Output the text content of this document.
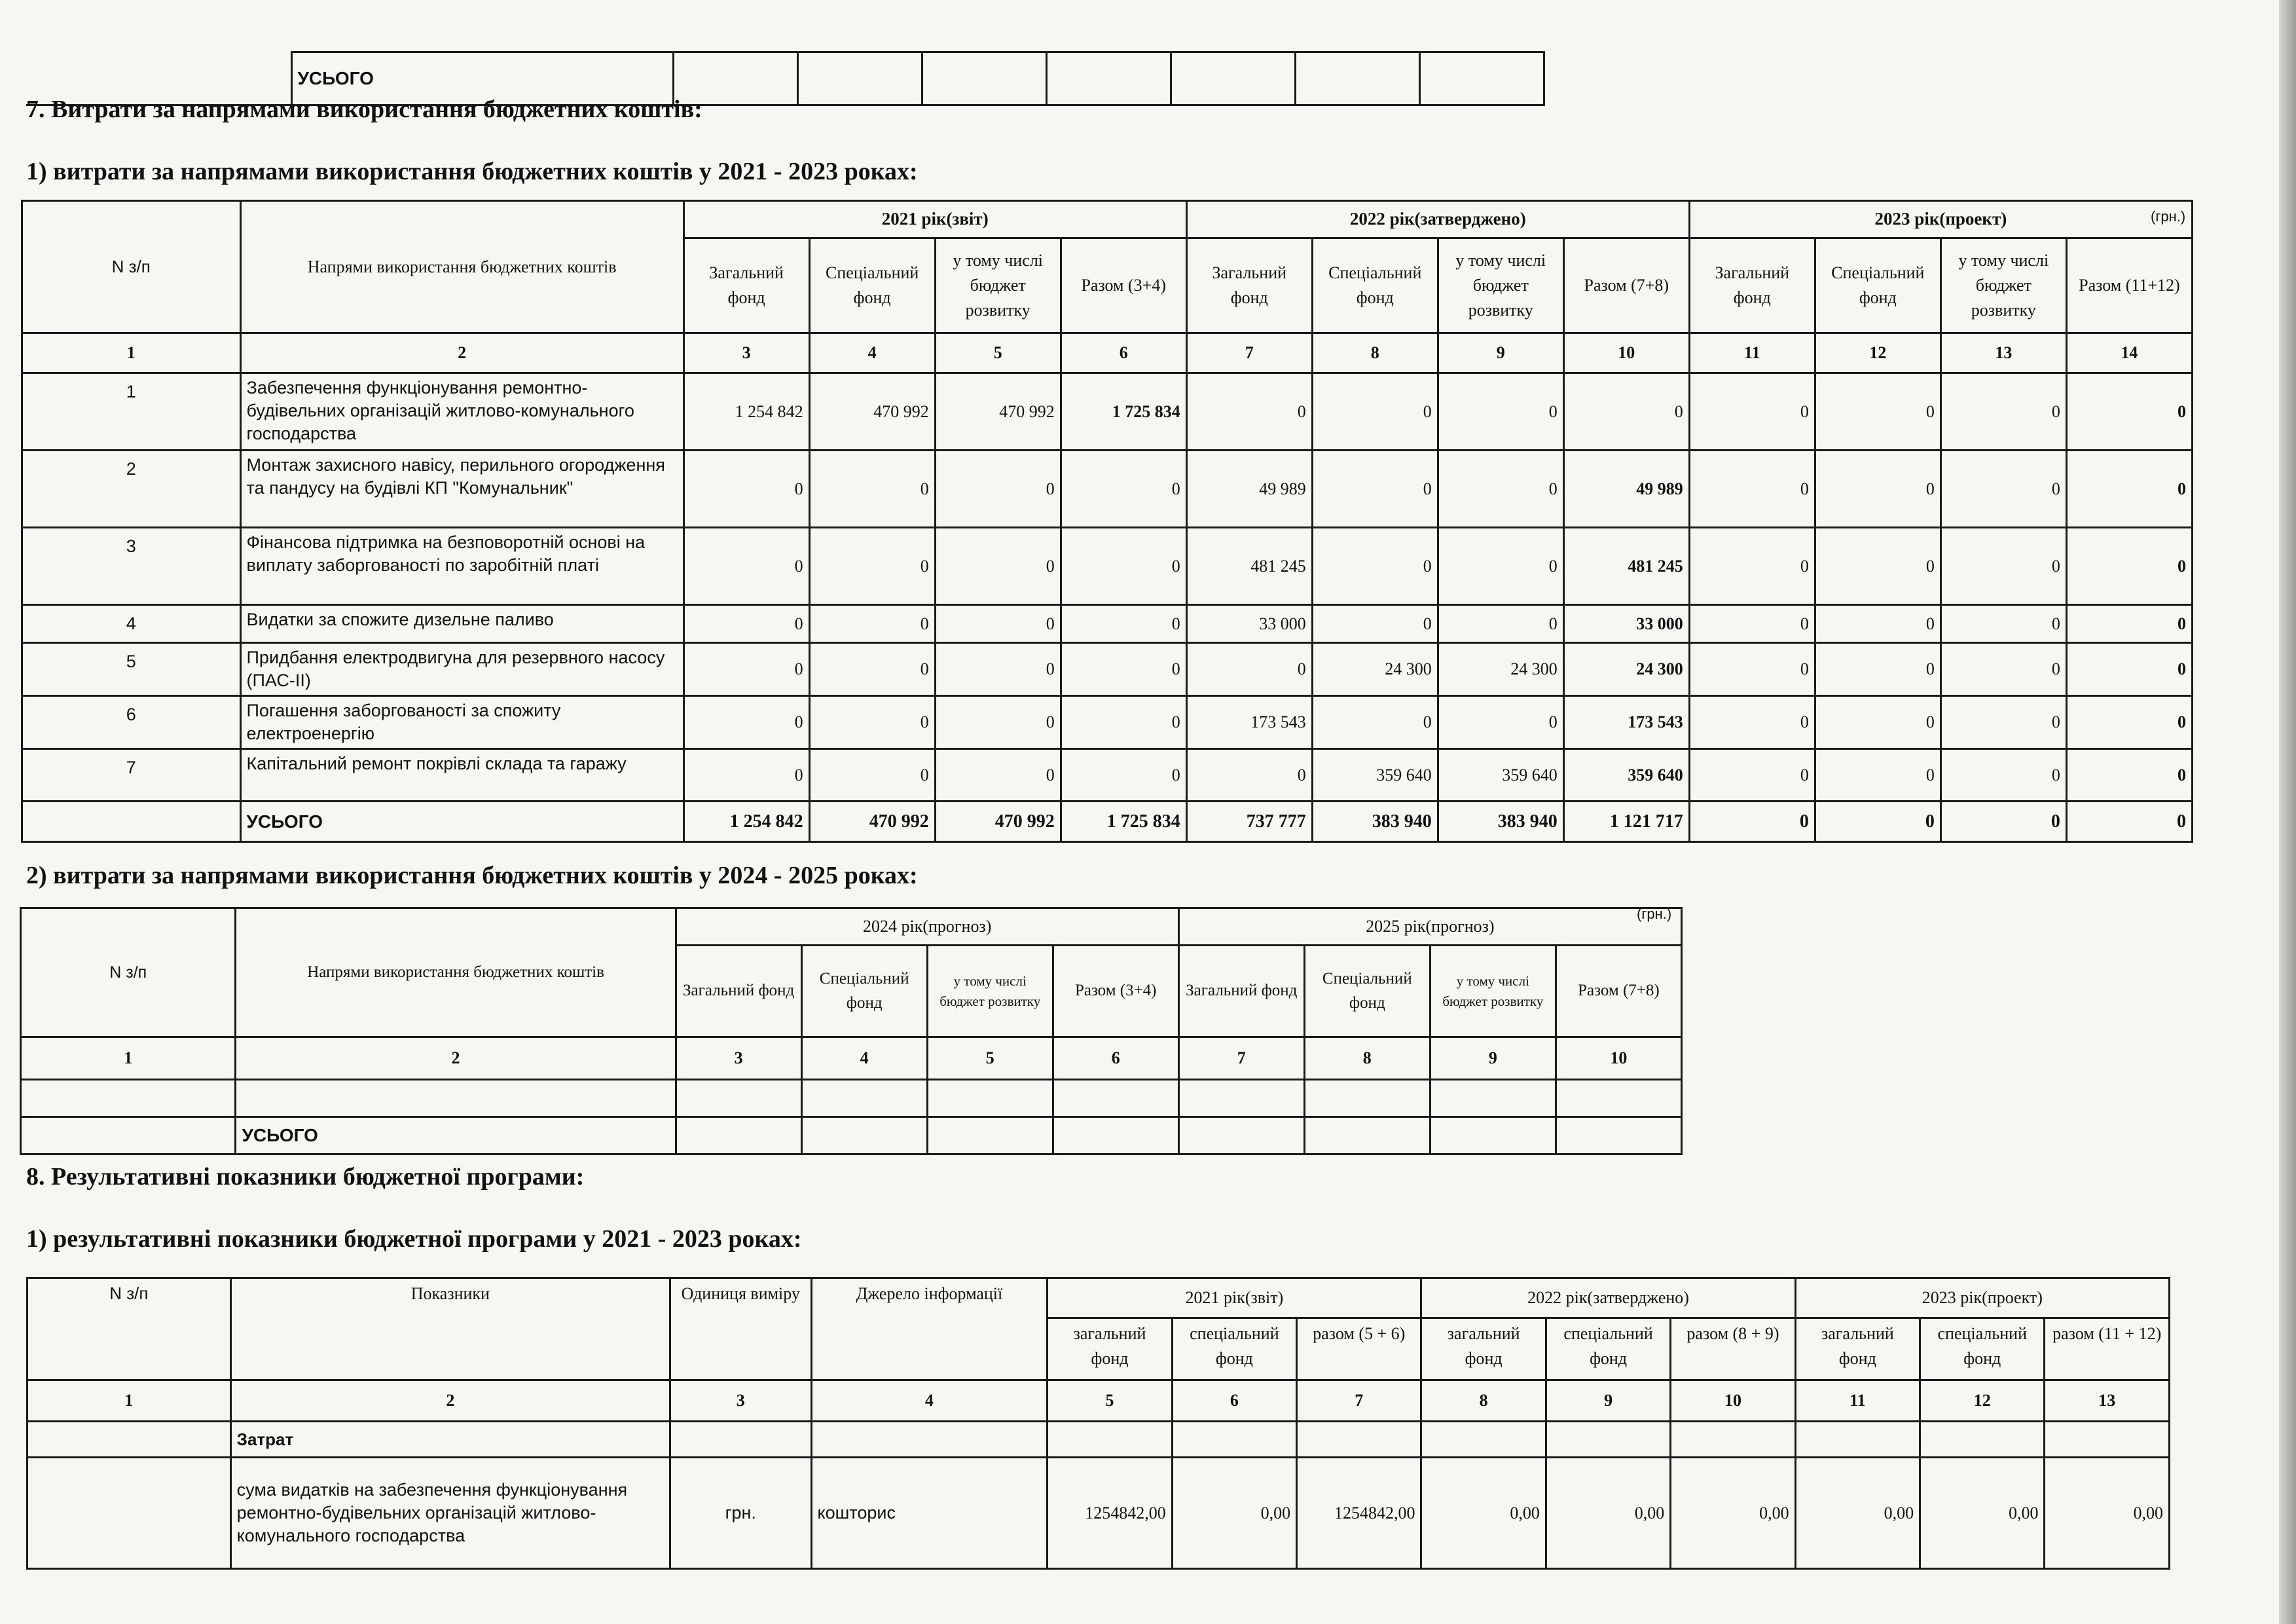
	УСЬОГО							
7. Витрати за напрямами використання бюджетних коштів:
1) витрати за напрямами використання бюджетних коштів у 2021 - 2023 роках:
(грн.)
N з/п	Напрями використання бюджетних коштів	2021 рік(звіт)				2022 рік(затверджено)				2023 рік(проект)			
		Загальний фонд	Спеціальний фонд	у тому числі бюджет розвитку	Разом (3+4)	Загальний фонд	Спеціальний фонд	у тому числі бюджет розвитку	Разом (7+8)	Загальний фонд	Спеціальний фонд	у тому числі бюджет розвитку	Разом (11+12)
1	2	3	4	5	6	7	8	9	10	11	12	13	14
1	Забезпечення функціонування ремонтно-будівельних організацій житлово-комунального господарства	1 254 842	470 992	470 992	1 725 834	0	0	0	0	0	0	0	0
2	Монтаж захисного навісу, перильного огородження та пандусу на будівлі КП "Комунальник"	0	0	0	0	49 989	0	0	49 989	0	0	0	0
3	Фінансова підтримка на безповоротній основі на виплату заборгованості по заробітній платі	0	0	0	0	481 245	0	0	481 245	0	0	0	0
4	Видатки за спожите дизельне паливо	0	0	0	0	33 000	0	0	33 000	0	0	0	0
5	Придбання електродвигуна для резервного насосу (ПАС-ІІ)	0	0	0	0	0	24 300	24 300	24 300	0	0	0	0
6	Погашення заборгованості за спожиту електроенергію	0	0	0	0	173 543	0	0	173 543	0	0	0	0
7	Капітальний ремонт покрівлі склада та гаражу	0	0	0	0	0	359 640	359 640	359 640	0	0	0	0
	УСЬОГО	1 254 842	470 992	470 992	1 725 834	737 777	383 940	383 940	1 121 717	0	0	0	0
2) витрати за напрямами використання бюджетних коштів у 2024 - 2025 роках:
(грн.)
N з/п	Напрями використання бюджетних коштів	2024 рік(прогноз)				2025 рік(прогноз)			
		Загальний фонд	Спеціальний фонд	у тому числі бюджет розвитку	Разом (3+4)	Загальний фонд	Спеціальний фонд	у тому числі бюджет розвитку	Разом (7+8)
1	2	3	4	5	6	7	8	9	10

	УСЬОГО								
8. Результативні показники бюджетної програми:
1) результативні показники бюджетної програми у 2021 - 2023 роках:
N з/п	Показники	Одиниця виміру	Джерело інформації	2021 рік(звіт)			2022 рік(затверджено)			2023 рік(проект)		
				загальний фонд	спеціальний фонд	разом (5 + 6)	загальний фонд	спеціальний фонд	разом (8 + 9)	загальний фонд	спеціальний фонд	разом (11 + 12)
1	2	3	4	5	6	7	8	9	10	11	12	13
	Затрат											
	сума видатків на забезпечення функціонування ремонтно-будівельних організацій житлово-комунального господарства	грн.	кошторис	1254842,00	0,00	1254842,00	0,00	0,00	0,00	0,00	0,00	0,00
